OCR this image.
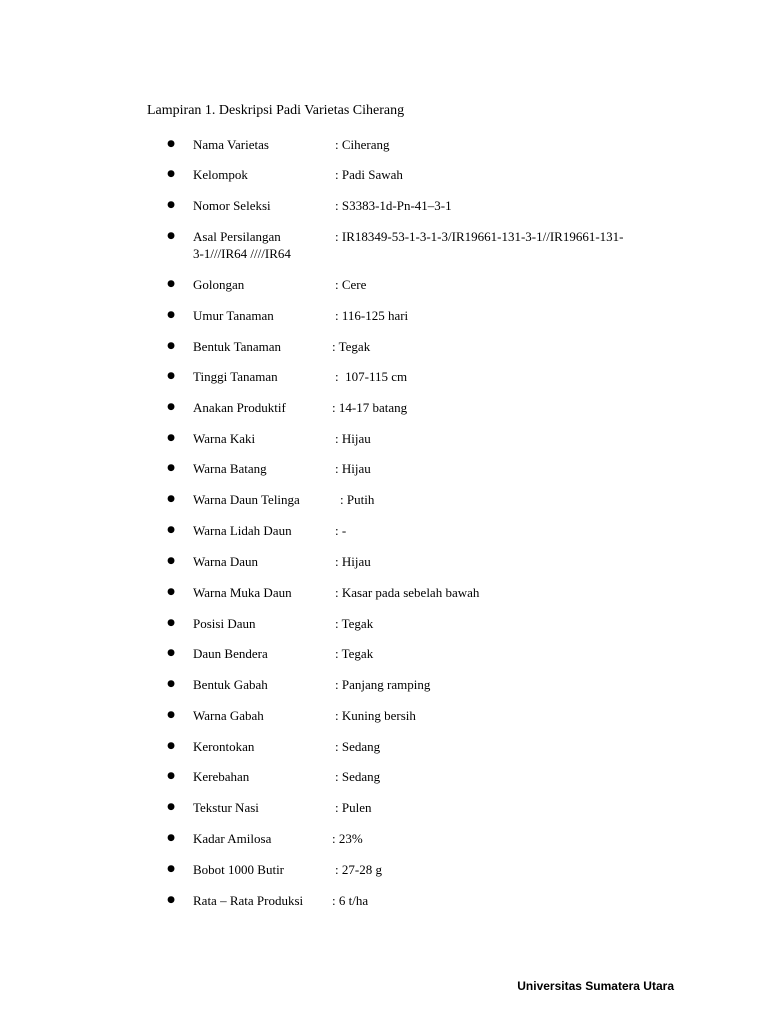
Lampiran 1. Deskripsi Padi Varietas Ciherang
● Nama Varietas	: Ciherang
● Kelompok	: Padi Sawah
● Nomor Seleksi	: S3383-1d-Pn-41–3-1
● Asal Persilangan	: IR18349-53-1-3-1-3/IR19661-131-3-1//IR19661-131-
3-1///IR64 ////IR64
● Golongan	: Cere
● Umur Tanaman	: 116-125 hari
● Bentuk Tanaman	: Tegak
● Tinggi Tanaman	:  107-115 cm
● Anakan Produktif	: 14-17 batang
● Warna Kaki	: Hijau
● Warna Batang	: Hijau
● Warna Daun Telinga	: Putih
● Warna Lidah Daun	: -
● Warna Daun	: Hijau
● Warna Muka Daun	: Kasar pada sebelah bawah
● Posisi Daun	: Tegak
● Daun Bendera	: Tegak
● Bentuk Gabah	: Panjang ramping
● Warna Gabah	: Kuning bersih
● Kerontokan	: Sedang
● Kerebahan	: Sedang
● Tekstur Nasi	: Pulen
● Kadar Amilosa	: 23%
● Bobot 1000 Butir	: 27-28 g
● Rata – Rata Produksi : 6 t/ha
Universitas Sumatera Utara
